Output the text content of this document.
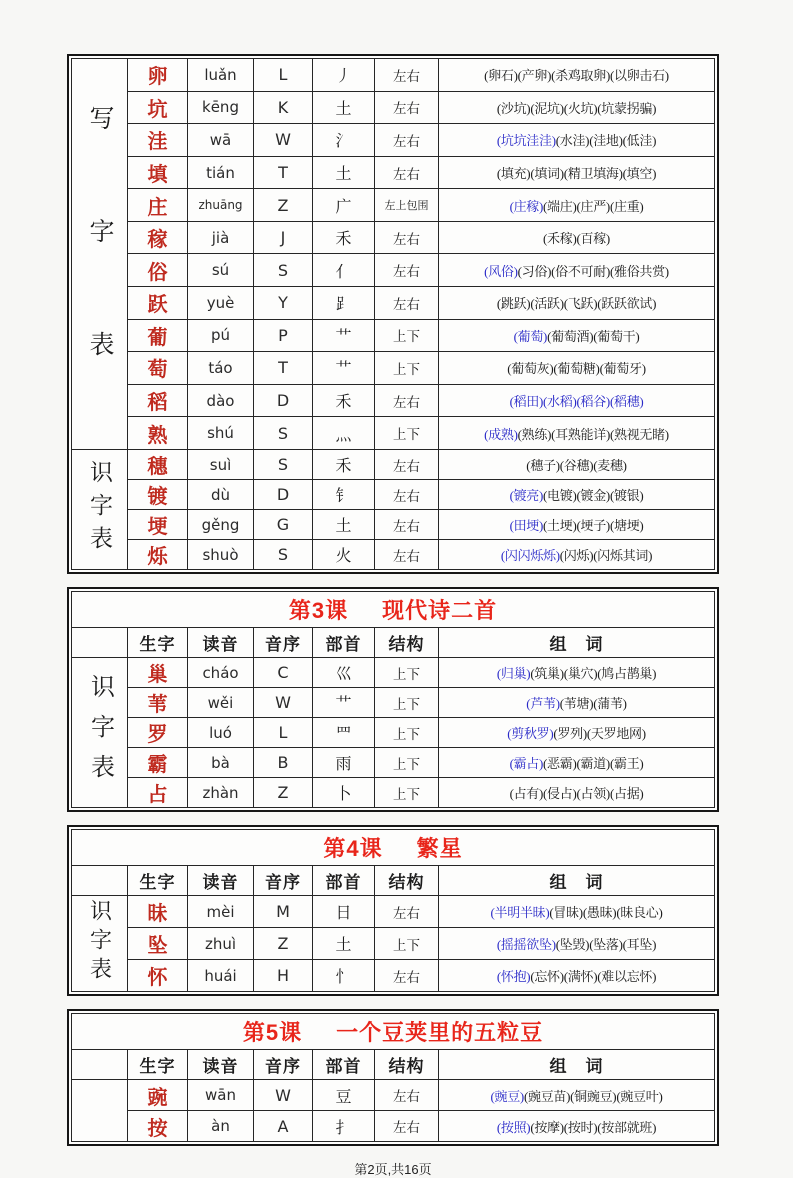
写字表	卵	luǎn	L	丿	左右	(卵石)(产卵)(杀鸡取卵)(以卵击石)
	坑	kēng	K	土	左右	(沙坑)(泥坑)(火坑)(坑蒙拐骗)
	洼	wā	W	氵	左右	(坑坑洼洼)(水洼)(洼地)(低洼)
	填	tián	T	土	左右	(填充)(填词)(精卫填海)(填空)
	庄	zhuāng	Z	广	左上包围	(庄稼)(端庄)(庄严)(庄重)
	稼	jià	J	禾	左右	(禾稼)(百稼)
	俗	sú	S	亻	左右	(风俗)(习俗)(俗不可耐)(雅俗共赏)
	跃	yuè	Y	⻊	左右	(跳跃)(活跃)(飞跃)(跃跃欲试)
	葡	pú	P	艹	上下	(葡萄)(葡萄酒)(葡萄干)
	萄	táo	T	艹	上下	(葡萄灰)(葡萄糖)(葡萄牙)
	稻	dào	D	禾	左右	(稻田)(水稻)(稻谷)(稻穗)
	熟	shú	S	灬	上下	(成熟)(熟练)(耳熟能详)(熟视无睹)
识字表	穗	suì	S	禾	左右	(穗子)(谷穗)(麦穗)
	镀	dù	D	钅	左右	(镀亮)(电镀)(镀金)(镀银)
	埂	gěng	G	土	左右	(田埂)(土埂)(埂子)(塘埂)
	烁	shuò	S	火	左右	(闪闪烁烁)(闪烁)(闪烁其词)
第3课 现代诗二首						
	生字	读音	音序	部首	结构	组　词
识字表	巢	cháo	C	巛	上下	(归巢)(筑巢)(巢穴)(鸠占鹊巢)
	苇	wěi	W	艹	上下	(芦苇)(苇塘)(蒲苇)
	罗	luó	L	罒	上下	(剪秋罗)(罗列)(天罗地网)
	霸	bà	B	雨	上下	(霸占)(恶霸)(霸道)(霸王)
	占	zhàn	Z	卜	上下	(占有)(侵占)(占领)(占据)
第4课 繁星						
	生字	读音	音序	部首	结构	组　词
识字表	昧	mèi	M	日	左右	(半明半昧)(冒昧)(愚昧)(昧良心)
	坠	zhuì	Z	土	上下	(摇摇欲坠)(坠毁)(坠落)(耳坠)
	怀	huái	H	忄	左右	(怀抱)(忘怀)(满怀)(难以忘怀)
第5课 一个豆荚里的五粒豆						
	生字	读音	音序	部首	结构	组　词
	豌	wān	W	豆	左右	(豌豆)(豌豆苗)(铜豌豆)(豌豆叶)
	按	àn	A	扌	左右	(按照)(按摩)(按时)(按部就班)
第2页,共16页
